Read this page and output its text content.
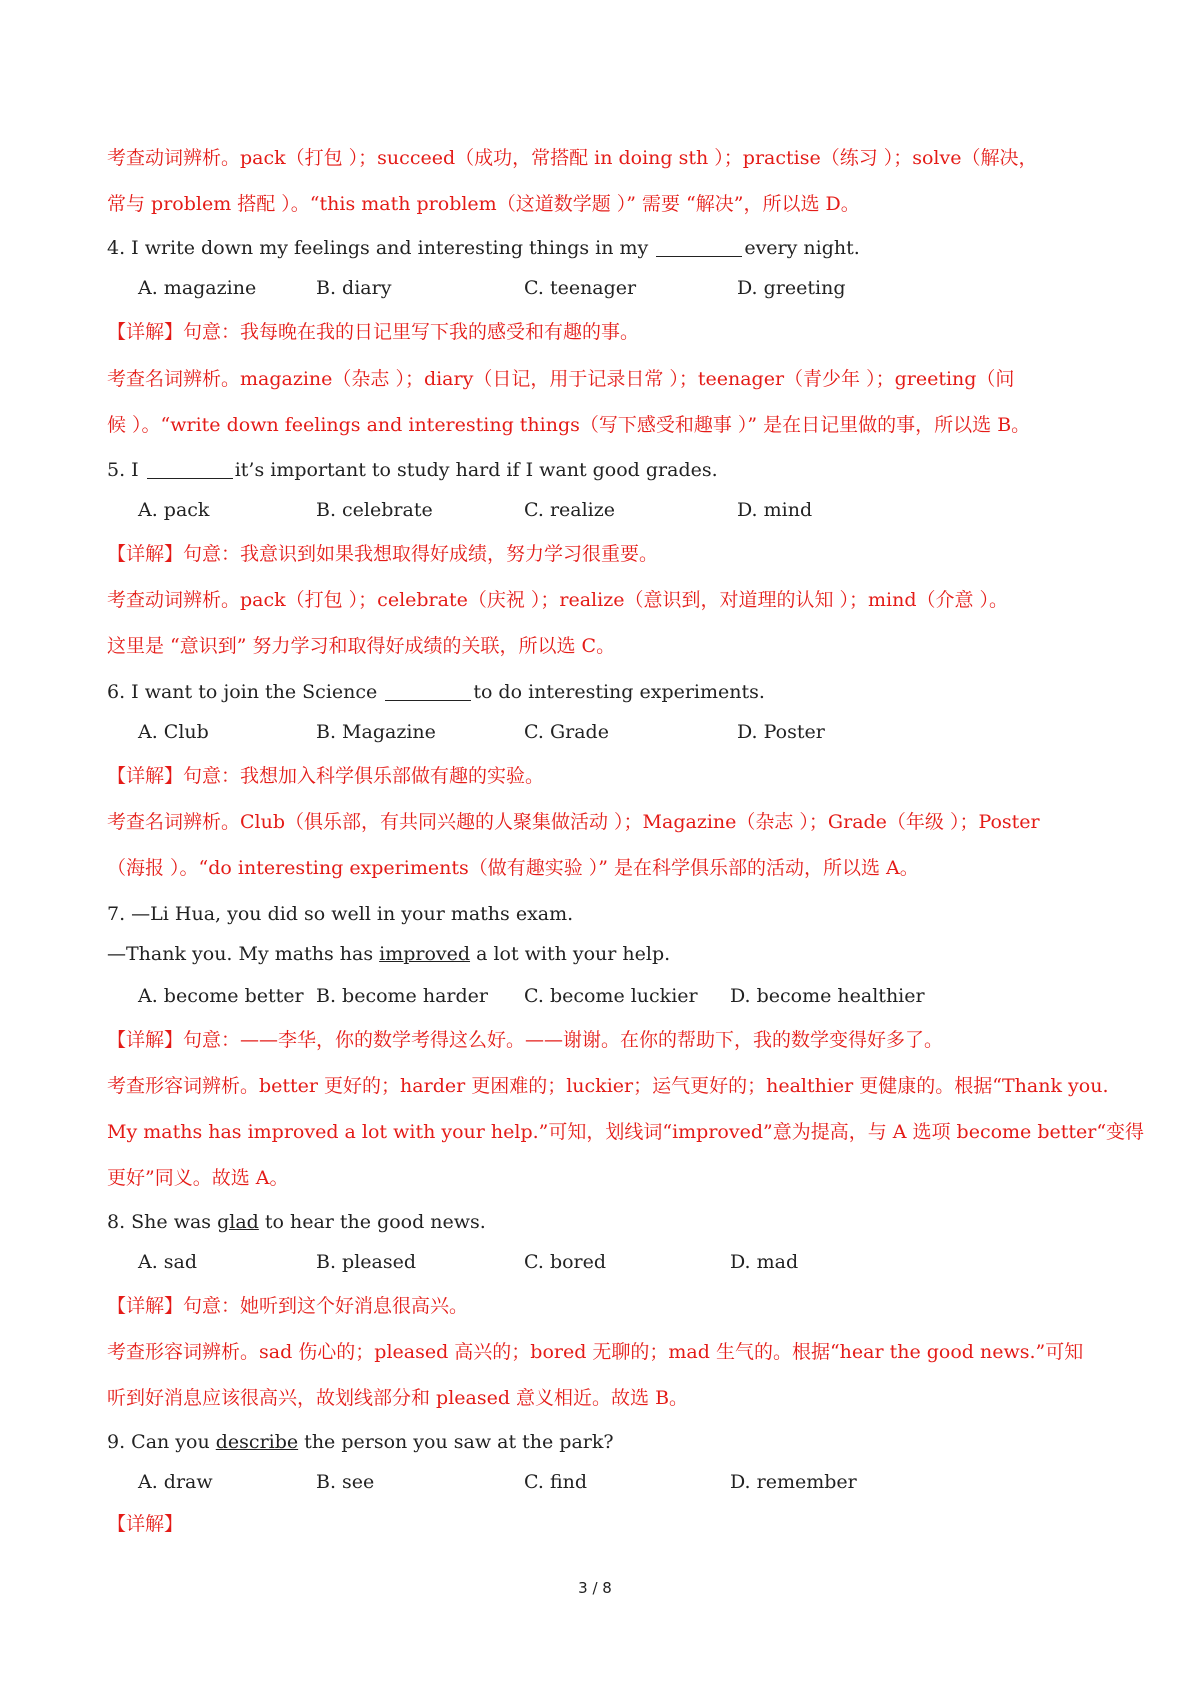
考查动词辨析。pack（打包 ）；succeed（成功，常搭配 in doing sth ）；practise（练习 ）；solve（解决，
常与 problem 搭配 ）。“this math problem（这道数学题 ）” 需要 “解决”，所以选 D。
4. I write down my feelings and interesting things in my	every night.
A. magazine	B. diary	C. teenager	D. greeting
【详解】句意：我每晚在我的日记里写下我的感受和有趣的事。
考查名词辨析。magazine（杂志 ）；diary（日记，用于记录日常 ）；teenager（青少年 ）；greeting（问
候 ）。“write down feelings and interesting things（写下感受和趣事 ）” 是在日记里做的事，所以选 B。
5. I	it’s important to study hard if I want good grades.
A. pack	B. celebrate	C. realize	D. mind
【详解】句意：我意识到如果我想取得好成绩，努力学习很重要。
考查动词辨析。pack（打包 ）；celebrate（庆祝 ）；realize（意识到，对道理的认知 ）；mind（介意 ）。
这里是 “意识到” 努力学习和取得好成绩的关联，所以选 C。
6. I want to join the Science	to do interesting experiments.
A. Club	B. Magazine	C. Grade	D. Poster
【详解】句意：我想加入科学俱乐部做有趣的实验。
考查名词辨析。Club（俱乐部，有共同兴趣的人聚集做活动 ）；Magazine（杂志 ）；Grade（年级 ）；Poster
（海报 ）。“do interesting experiments（做有趣实验 ）” 是在科学俱乐部的活动，所以选 A。
7. —Li Hua, you did so well in your maths exam.
—Thank you. My maths has improved a lot with your help.
A. become better B. become harder C. become luckier D. become healthier
【详解】句意：——李华，你的数学考得这么好。——谢谢。在你的帮助下，我的数学变得好多了。
考查形容词辨析。better 更好的；harder 更困难的；luckier；运气更好的；healthier 更健康的。根据“Thank you.
My maths has improved a lot with your help.”可知，划线词“improved”意为提高，与 A 选项 become better“变得
更好”同义。故选 A。
8. She was glad to hear the good news.
A. sad	B. pleased	C. bored	D. mad
【详解】句意：她听到这个好消息很高兴。
考查形容词辨析。sad 伤心的；pleased 高兴的；bored 无聊的；mad 生气的。根据“hear the good news.”可知
听到好消息应该很高兴，故划线部分和 pleased 意义相近。故选 B。
9. Can you describe the person you saw at the park?
A. draw	B. see	C. find	D. remember
【详解】
3 / 8
